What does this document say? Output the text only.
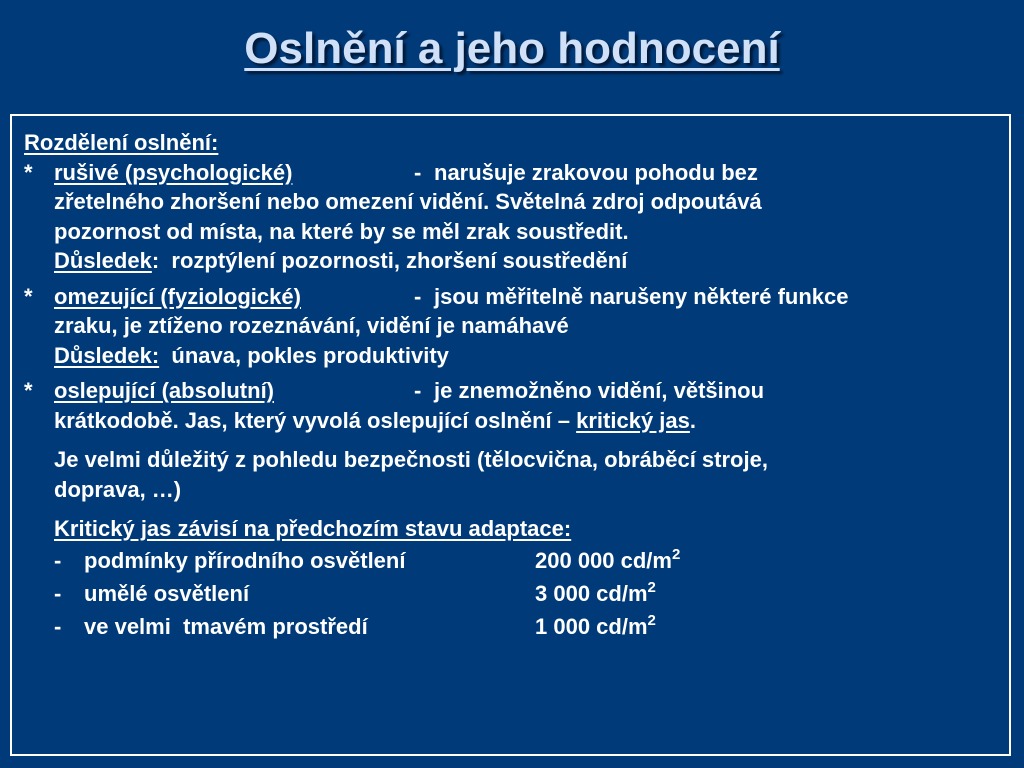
Oslnění a jeho hodnocení
Rozdělení oslnění:
* rušivé (psychologické)	- narušuje zrakovou pohodu bez
zřetelného zhoršení nebo omezení vidění. Světelná zdroj odpoutává
pozornost od místa, na které by se měl zrak soustředit.
Důsledek: rozptýlení pozornosti, zhoršení soustředění
* omezující (fyziologické)	- jsou měřitelně narušeny některé funkce
zraku, je ztíženo rozeznávání, vidění je namáhavé
Důsledek: únava, pokles produktivity
* oslepující (absolutní)	- je znemožněno vidění, většinou
krátkodobě. Jas, který vyvolá oslepující oslnění – kritický jas.
Je velmi důležitý z pohledu bezpečnosti (tělocvična, obráběcí stroje,
doprava, …)
Kritický jas závisí na předchozím stavu adaptace:
- podmínky přírodního osvětlení	200 000 $cd/m^2$
- umělé osvětlení	3 000 $cd/m^2$
- ve velmi  tmavém prostředí	1 000 $cd/m^2$
